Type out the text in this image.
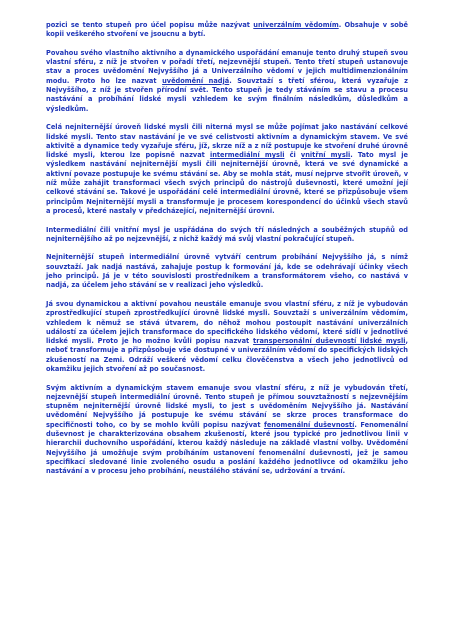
pozici se tento stupeň pro účel popisu může nazývat univerzálním vědomím. Obsahuje v sobě kopii veškerého stvoření ve jsoucnu a bytí.

Povahou svého vlastního aktivního a dynamického uspořádání emanuje tento druhý stupeň svou vlastní sféru, z níž je stvořen v pořadí třetí, nejzevnější stupeň. Tento třetí stupeň ustanovuje stav a proces uvědomění Nejvyššího já a Univerzálního vědomí v jejich multidimenzionálním modu. Proto ho lze nazvat uvědomění nadjá. Souvztaží s třetí sférou, která vyzařuje z Nejvyššího, z níž je stvořen přírodní svět. Tento stupeň je tedy stáváním se stavu a procesu nastávání a probíhání lidské mysli vzhledem ke svým finálním následkům, důsledkům a výsledkům.

Celá nejniternější úroveň lidské mysli čili niterná mysl se může pojímat jako nastávání celkové lidské mysli. Tento stav nastávání je ve své celistvosti aktivním a dynamickým stavem. Ve své aktivitě a dynamice tedy vyzařuje sféru, jíž, skrze níž a z níž postupuje ke stvoření druhé úrovně lidské mysli, kterou lze popisně nazvat intermediální mysli či vnitřní mysli. Tato mysl je výsledkem nastávání nejniternější mysli čili nejniternější úrovně, která ve své dynamické a aktivní povaze postupuje ke svému stávání se. Aby se mohla stát, musí nejprve stvořit úroveň, v níž může zahájit transformaci všech svých principů do nástrojů duševnosti, které umožní její celkové stávání se. Takové je uspořádání celé intermediální úrovně, které se přizpůsobuje všem principům Nejniternější mysli a transformuje je procesem korespondencí do účinků všech stavů a procesů, které nastaly v předcházející, nejniternější úrovni.

Intermediální čili vnitřní mysl je uspřádána do svých tří následných a souběžných stupňů od nejniternějšího až po nejzevnější, z nichž každý má svůj vlastní pokračující stupeň.

Nejniternější stupeň intermediální úrovně vytváří centrum probíhání Nejvyššího já, s nímž souvztaží. Jak nadjá nastává, zahajuje postup k formování já, kde se odehrávají účinky všech jeho principů. Já je v této souvislosti prostředníkem a transformátorem všeho, co nastává v nadjá, za účelem jeho stávání se v realizaci jeho výsledků.

Já svou dynamickou a aktivní povahou neustále emanuje svou vlastní sféru, z níž je vybudován zprostředkující stupeň zprostředkující úrovně lidské mysli. Souvztaží s univerzálním vědomím, vzhledem k němuž se stává útvarem, do něhož mohou postoupit nastávání univerzálních událostí za účelem jejich transformace do specifického lidského vědomí, které sídlí v jednotlivé lidské mysli. Proto je ho možno kvůli popisu nazvat transpersonální duševností lidské mysli, neboť transformuje a přizpůsobuje vše dostupné v univerzálním vědomí do specifických lidských zkušeností na Zemi. Odráží veškeré vědomí celku člověčenstva a všech jeho jednotlivců od okamžiku jejich stvoření až po současnost.

Svým aktivním a dynamickým stavem emanuje svou vlastní sféru, z níž je vybudován třetí, nejzevnější stupeň intermediální úrovně. Tento stupeň je přímou souvztažností s nejzevnějším stupněm nejniternější úrovně lidské mysli, to jest s uvědoměním Nejvyššího já. Nastávání uvědomění Nejvyššího já postupuje ke svému stávání se skrze proces transformace do specifičnosti toho, co by se mohlo kvůli popisu nazývat fenomenální duševností. Fenomenální duševnost je charakterizována obsahem zkušeností, které jsou typické pro jednotlivou linii v hierarchii duchovního uspořádání, kterou každý následuje na základě vlastní volby. Uvědomění Nejvyššího já umožňuje svým probíháním ustanovení fenomenální duševnosti, jež je samou specifikací sledované linie zvoleného osudu a poslání každého jednotlivce od okamžiku jeho nastávání a v procesu jeho probíhání, neustálého stávání se, udržování a trvání.
